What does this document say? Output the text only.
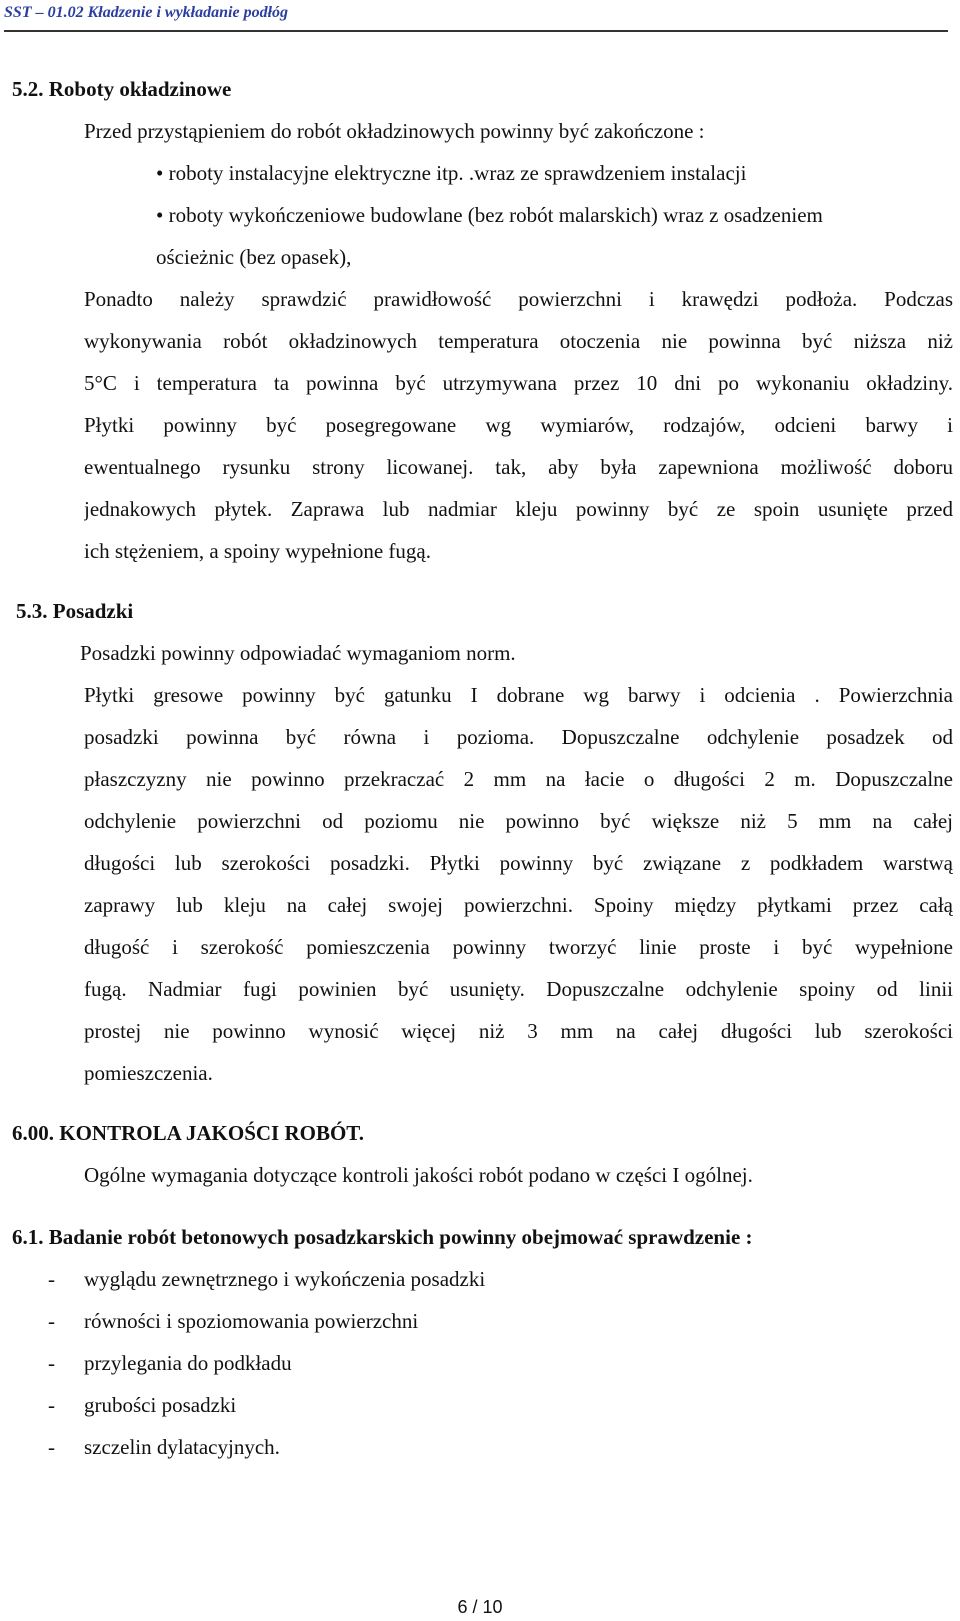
SST – 01.02 Kładzenie i wykładanie podłóg
5.2. Roboty okładzinowe
Przed przystąpieniem do robót okładzinowych powinny być zakończone :
• roboty instalacyjne elektryczne itp. .wraz ze sprawdzeniem instalacji
• roboty wykończeniowe budowlane (bez robót malarskich) wraz z osadzeniem
ościeżnic (bez opasek),
Ponadto należy sprawdzić prawidłowość powierzchni i krawędzi podłoża. Podczas
wykonywania robót okładzinowych temperatura otoczenia nie powinna być niższa niż
5°C i temperatura ta powinna być utrzymywana przez 10 dni po wykonaniu okładziny.
Płytki powinny być posegregowane wg wymiarów, rodzajów, odcieni barwy i
ewentualnego rysunku strony licowanej. tak, aby była zapewniona możliwość doboru
jednakowych płytek. Zaprawa lub nadmiar kleju powinny być ze spoin usunięte przed
ich stężeniem, a spoiny wypełnione fugą.
5.3. Posadzki
Posadzki powinny odpowiadać wymaganiom norm.
Płytki gresowe powinny być gatunku I dobrane wg barwy i odcienia . Powierzchnia
posadzki powinna być równa i pozioma. Dopuszczalne odchylenie posadzek od
płaszczyzny nie powinno przekraczać 2 mm na łacie o długości 2 m. Dopuszczalne
odchylenie powierzchni od poziomu nie powinno być większe niż 5 mm na całej
długości lub szerokości posadzki. Płytki powinny być związane z podkładem warstwą
zaprawy lub kleju na całej swojej powierzchni. Spoiny między płytkami przez całą
długość i szerokość pomieszczenia powinny tworzyć linie proste i być wypełnione
fugą. Nadmiar fugi powinien być usunięty. Dopuszczalne odchylenie spoiny od linii
prostej nie powinno wynosić więcej niż 3 mm na całej długości lub szerokości
pomieszczenia.
6.00. KONTROLA JAKOŚCI ROBÓT.
Ogólne wymagania dotyczące kontroli jakości robót podano w części I ogólnej.
6.1. Badanie robót betonowych posadzkarskich powinny obejmować sprawdzenie :
- wyglądu zewnętrznego i wykończenia posadzki
- równości i spoziomowania powierzchni
- przylegania do podkładu
- grubości posadzki
- szczelin dylatacyjnych.
6 / 10
